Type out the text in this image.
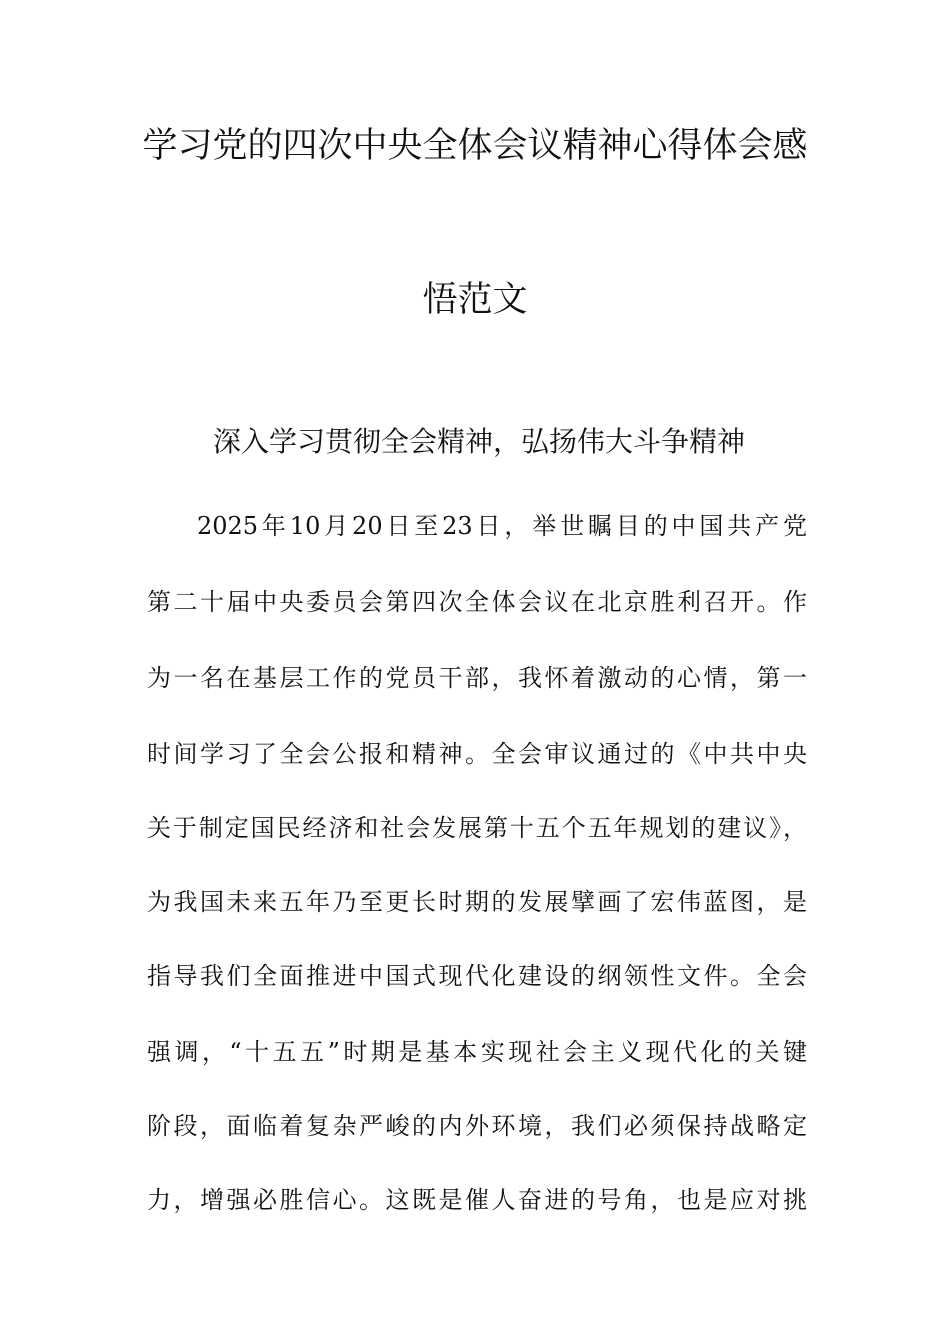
学习党的四次中央全体会议精神心得体会感
悟范文
深入学习贯彻全会精神，弘扬伟大斗争精神
2025年10月20日至23日，举世瞩目的中国共产党
第二十届中央委员会第四次全体会议在北京胜利召开。作
为一名在基层工作的党员干部，我怀着激动的心情，第一
时间学习了全会公报和精神。全会审议通过的《中共中央
关于制定国民经济和社会发展第十五个五年规划的建议》，
为我国未来五年乃至更长时期的发展擘画了宏伟蓝图，是
指导我们全面推进中国式现代化建设的纲领性文件。全会
强调，“十五五”时期是基本实现社会主义现代化的关键
阶段，面临着复杂严峻的内外环境，我们必须保持战略定
力，增强必胜信心。这既是催人奋进的号角，也是应对挑
